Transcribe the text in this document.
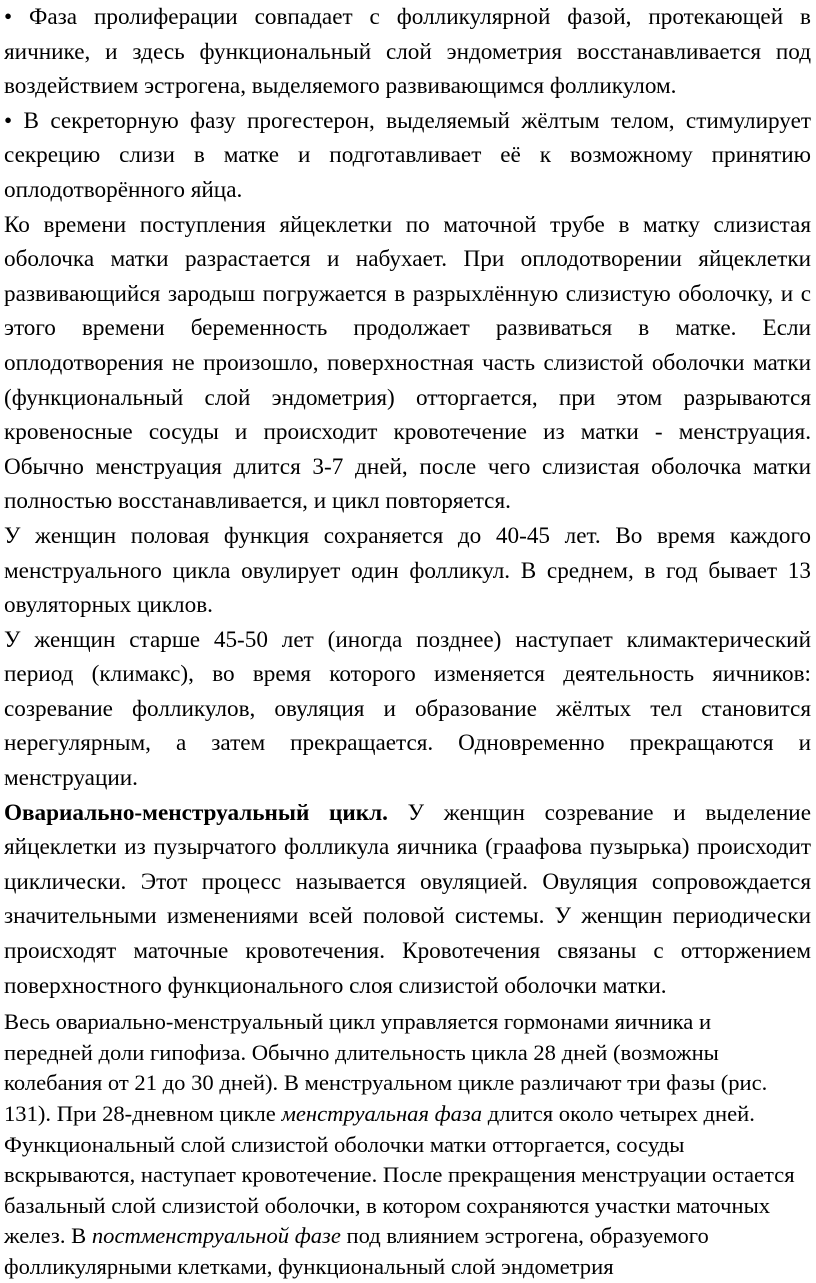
• Фаза пролиферации совпадает с фолликулярной фазой, протекающей в яичнике, и здесь функциональный слой эндометрия восстанавливается под воздействием эстрогена, выделяемого развивающимся фолликулом.

• В секреторную фазу прогестерон, выделяемый жёлтым телом, стимулирует секрецию слизи в матке и подготавливает её к возможному принятию оплодотворённого яйца.

Ко времени поступления яйцеклетки по маточной трубе в матку слизистая оболочка матки разрастается и набухает. При оплодотворении яйцеклетки развивающийся зародыш погружается в разрыхлённую слизистую оболочку, и с этого времени беременность продолжает развиваться в матке. Если оплодотворения не произошло, поверхностная часть слизистой оболочки матки (функциональный слой эндометрия) отторгается, при этом разрываются кровеносные сосуды и происходит кровотечение из матки - менструация. Обычно менструация длится 3-7 дней, после чего слизистая оболочка матки полностью восстанавливается, и цикл повторяется.

У женщин половая функция сохраняется до 40-45 лет. Во время каждого менструального цикла овулирует один фолликул. В среднем, в год бывает 13 овуляторных циклов.

У женщин старше 45-50 лет (иногда позднее) наступает климактерический период (климакс), во время которого изменяется деятельность яичников: созревание фолликулов, овуляция и образование жёлтых тел становится нерегулярным, а затем прекращается. Одновременно прекращаются и менструации.

Овариально-менструальный цикл. У женщин созревание и выделение яйцеклетки из пузырчатого фолликула яичника (граафова пузырька) происходит циклически. Этот процесс называется овуляцией. Овуляция сопровождается значительными изменениями всей половой системы. У женщин периодически происходят маточные кровотечения. Кровотечения связаны с отторжением поверхностного функционального слоя слизистой оболочки матки.

Весь овариально-менструальный цикл управляется гормонами яичника и передней доли гипофиза. Обычно длительность цикла 28 дней (возможны колебания от 21 до 30 дней). В менструальном цикле различают три фазы (рис. 131). При 28-дневном цикле менструальная фаза длится около четырех дней. Функциональный слой слизистой оболочки матки отторгается, сосуды вскрываются, наступает кровотечение. После прекращения менструации остается базальный слой слизистой оболочки, в котором сохраняются участки маточных желез. В постменструальной фазе под влиянием эстрогена, образуемого фолликулярными клетками, функциональный слой эндометрия
